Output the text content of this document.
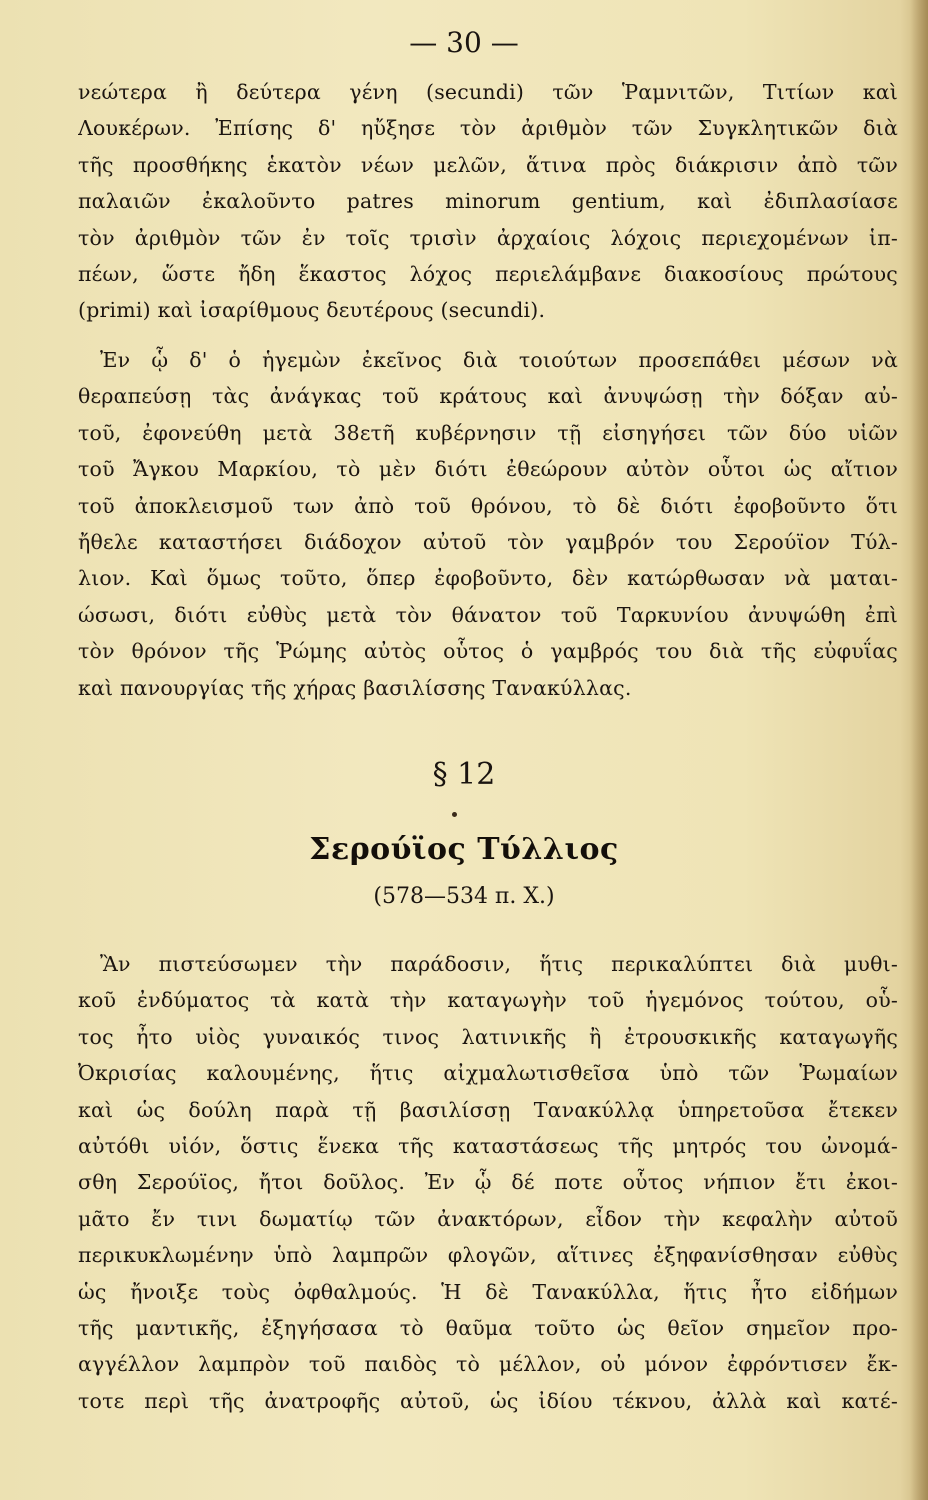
— 30 —
νεώτερα ἢ δεύτερα γένη (secundi) τῶν Ῥαμνιτῶν, Τιτίων καὶ
Λουκέρων. Ἐπίσης δ' ηὔξησε τὸν ἀριθμὸν τῶν Συγκλητικῶν διὰ
τῆς προσθήκης ἑκατὸν νέων μελῶν, ἅτινα πρὸς διάκρισιν ἀπὸ τῶν
παλαιῶν ἐκαλοῦντο patres minorum gentium, καὶ ἐδιπλασίασε
τὸν ἀριθμὸν τῶν ἐν τοῖς τρισὶν ἀρχαίοις λόχοις περιεχομένων ἱπ-
πέων, ὥστε ἤδη ἕκαστος λόχος περιελάμβανε διακοσίους πρώτους
(primi) καὶ ἰσαρίθμους δευτέρους (secundi).
Ἐν ᾧ δ' ὁ ἡγεμὼν ἐκεῖνος διὰ τοιούτων προσεπάθει μέσων νὰ
θεραπεύσῃ τὰς ἀνάγκας τοῦ κράτους καὶ ἀνυψώσῃ τὴν δόξαν αὐ-
τοῦ, ἐφονεύθη μετὰ 38ετῆ κυβέρνησιν τῇ εἰσηγήσει τῶν δύο υἱῶν
τοῦ Ἄγκου Μαρκίου, τὸ μὲν διότι ἐθεώρουν αὐτὸν οὗτοι ὡς αἴτιον
τοῦ ἀποκλεισμοῦ των ἀπὸ τοῦ θρόνου, τὸ δὲ διότι ἐφοβοῦντο ὅτι
ἤθελε καταστήσει διάδοχον αὐτοῦ τὸν γαμβρόν του Σερούϊον Τύλ-
λιον. Καὶ ὅμως τοῦτο, ὅπερ ἐφοβοῦντο, δὲν κατώρθωσαν νὰ μαται-
ώσωσι, διότι εὐθὺς μετὰ τὸν θάνατον τοῦ Ταρκυνίου ἀνυψώθη ἐπὶ
τὸν θρόνον τῆς Ῥώμης αὐτὸς οὗτος ὁ γαμβρός του διὰ τῆς εὐφυΐας
καὶ πανουργίας τῆς χήρας βασιλίσσης Τανακύλλας.
§ 12
Σερούϊος Τύλλιος
(578—534 π. Χ.)
Ἂν πιστεύσωμεν τὴν παράδοσιν, ἥτις περικαλύπτει διὰ μυθι-
κοῦ ἐνδύματος τὰ κατὰ τὴν καταγωγὴν τοῦ ἡγεμόνος τούτου, οὗ-
τος ἦτο υἱὸς γυναικός τινος λατινικῆς ἢ ἐτρουσκικῆς καταγωγῆς
Ὀκρισίας καλουμένης, ἥτις αἰχμαλωτισθεῖσα ὑπὸ τῶν Ῥωμαίων
καὶ ὡς δούλη παρὰ τῇ βασιλίσσῃ Τανακύλλᾳ ὑπηρετοῦσα ἔτεκεν
αὐτόθι υἱόν, ὅστις ἕνεκα τῆς καταστάσεως τῆς μητρός του ὠνομά-
σθη Σερούϊος, ἤτοι δοῦλος. Ἐν ᾧ δέ ποτε οὗτος νήπιον ἔτι ἐκοι-
μᾶτο ἔν τινι δωματίῳ τῶν ἀνακτόρων, εἶδον τὴν κεφαλὴν αὐτοῦ
περικυκλωμένην ὑπὸ λαμπρῶν φλογῶν, αἵτινες ἐξηφανίσθησαν εὐθὺς
ὡς ἤνοιξε τοὺς ὀφθαλμούς. Ἡ δὲ Τανακύλλα, ἥτις ἦτο εἰδήμων
τῆς μαντικῆς, ἐξηγήσασα τὸ θαῦμα τοῦτο ὡς θεῖον σημεῖον προ-
αγγέλλον λαμπρὸν τοῦ παιδὸς τὸ μέλλον, οὐ μόνον ἐφρόντισεν ἔκ-
τοτε περὶ τῆς ἀνατροφῆς αὐτοῦ, ὡς ἰδίου τέκνου, ἀλλὰ καὶ κατέ-
